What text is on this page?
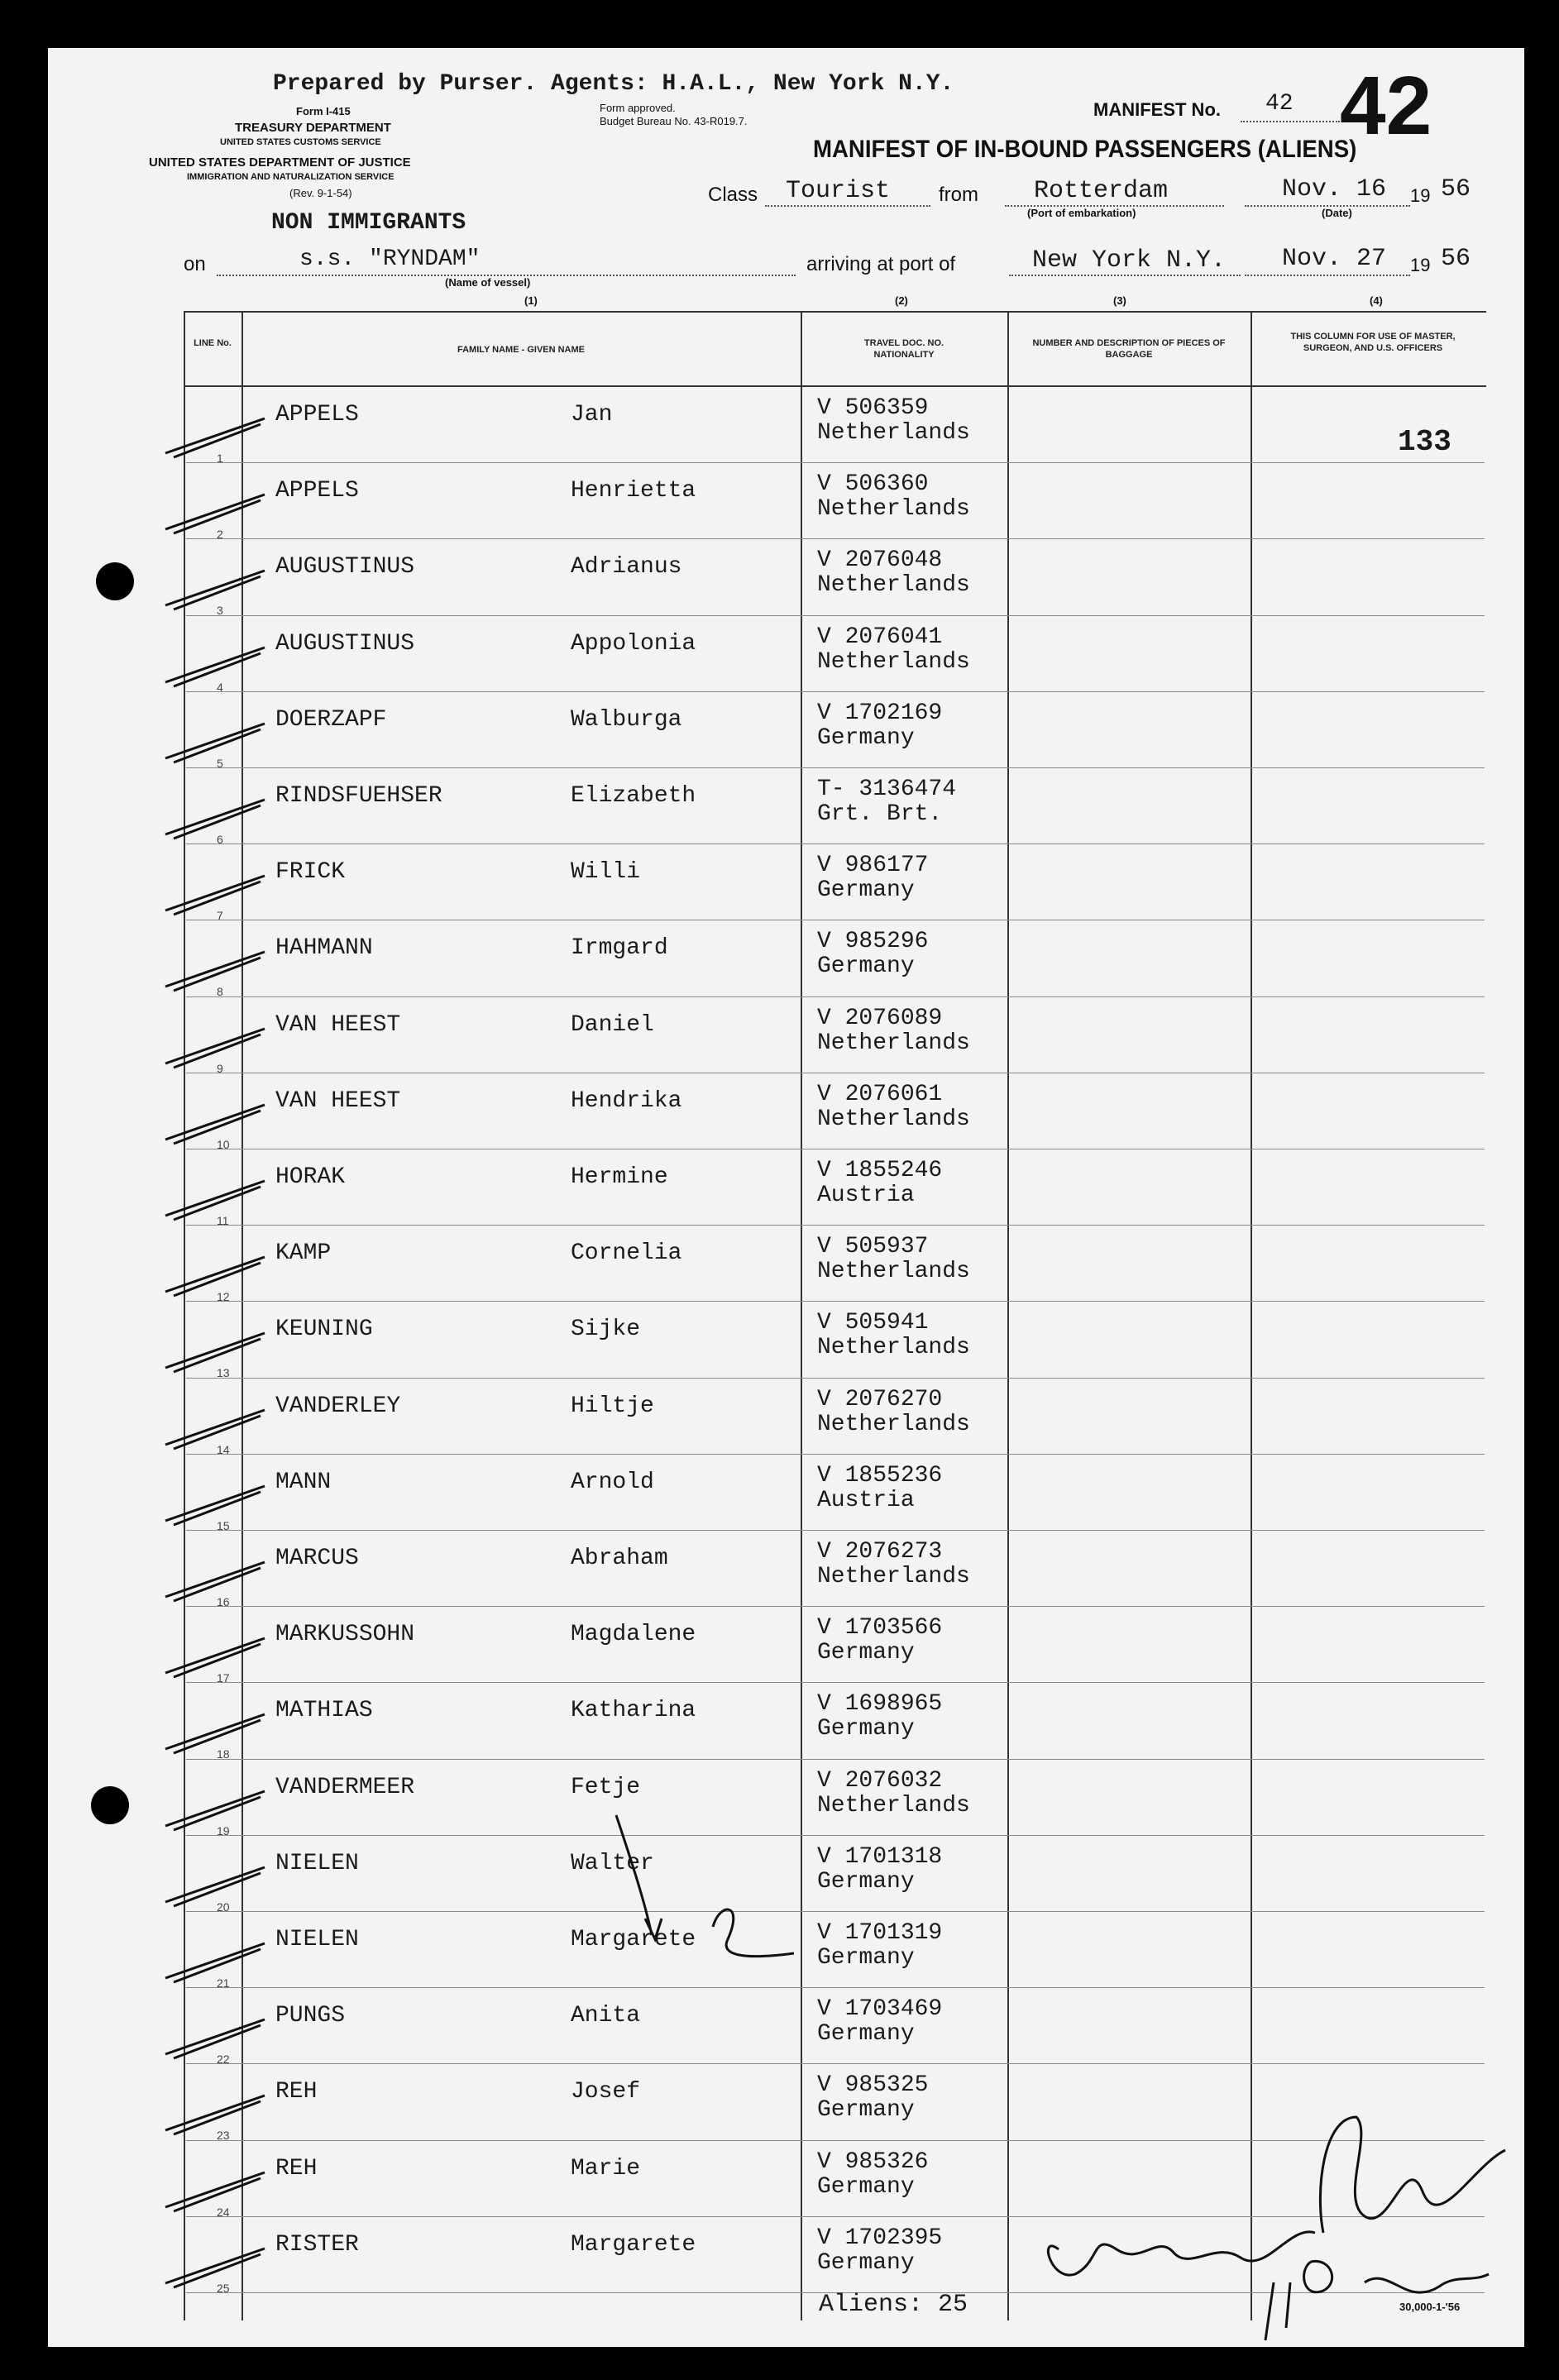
Prepared by Purser. Agents: H.A.L., New York N.Y.
Form I-415	Form approved.
Budget Bureau No. 43-R019.7.
TREASURY DEPARTMENT
UNITED STATES CUSTOMS SERVICE
UNITED STATES DEPARTMENT OF JUSTICE
IMMIGRATION AND NATURALIZATION SERVICE
(Rev. 9-1-54)
MANIFEST No. 42 42
MANIFEST OF IN-BOUND PASSENGERS (ALIENS)
NON IMMIGRANTS
Class Tourist from Rotterdam
(Port of embarkation)
Nov. 16 19 56
(Date)
on	s.s. "RYNDAM"
(Name of vessel)
arriving at port of	New York N.Y. Nov. 27 19 56
(1)	(2)	(3)	(4)
LINE No.
FAMILY NAME - GIVEN NAME
TRAVEL DOC. NO. NATIONALITY
NUMBER AND DESCRIPTION OF PIECES OF BAGGAGE
THIS COLUMN FOR USE OF MASTER, SURGEON, AND U.S. OFFICERS
1
APPELS	Jan	V 506359
Netherlands
2
APPELS	Henrietta	V 506360
Netherlands
3
AUGUSTINUS	Adrianus	V 2076048
Netherlands
4
AUGUSTINUS	Appolonia	V 2076041
Netherlands
5
DOERZAPF	Walburga	V 1702169
Germany
6
RINDSFUEHSER	Elizabeth	T- 3136474
Grt. Brt.
7
FRICK	Willi	V 986177
Germany
8
HAHMANN	Irmgard	V 985296
Germany
9
VAN HEEST	Daniel	V 2076089
Netherlands
10
VAN HEEST	Hendrika	V 2076061
Netherlands
11
HORAK	Hermine	V 1855246
Austria
12
KAMP	Cornelia	V 505937
Netherlands
13
KEUNING	Sijke	V 505941
Netherlands
14
VANDERLEY	Hiltje	V 2076270
Netherlands
15
MANN	Arnold	V 1855236
Austria
16
MARCUS	Abraham	V 2076273
Netherlands
17
MARKUSSOHN	Magdalene	V 1703566
Germany
18
MATHIAS	Katharina	V 1698965
Germany
19
VANDERMEER	Fetje	V 2076032
Netherlands
20
NIELEN	Walter	V 1701318
Germany
21
NIELEN	Margarete	V 1701319
Germany
22
PUNGS	Anita	V 1703469
Germany
23
REH	Josef	V 985325
Germany
24
REH	Marie	V 985326
Germany
25
RISTER	Margarete	V 1702395
Germany
133
Aliens: 25	30,000-1-'56
